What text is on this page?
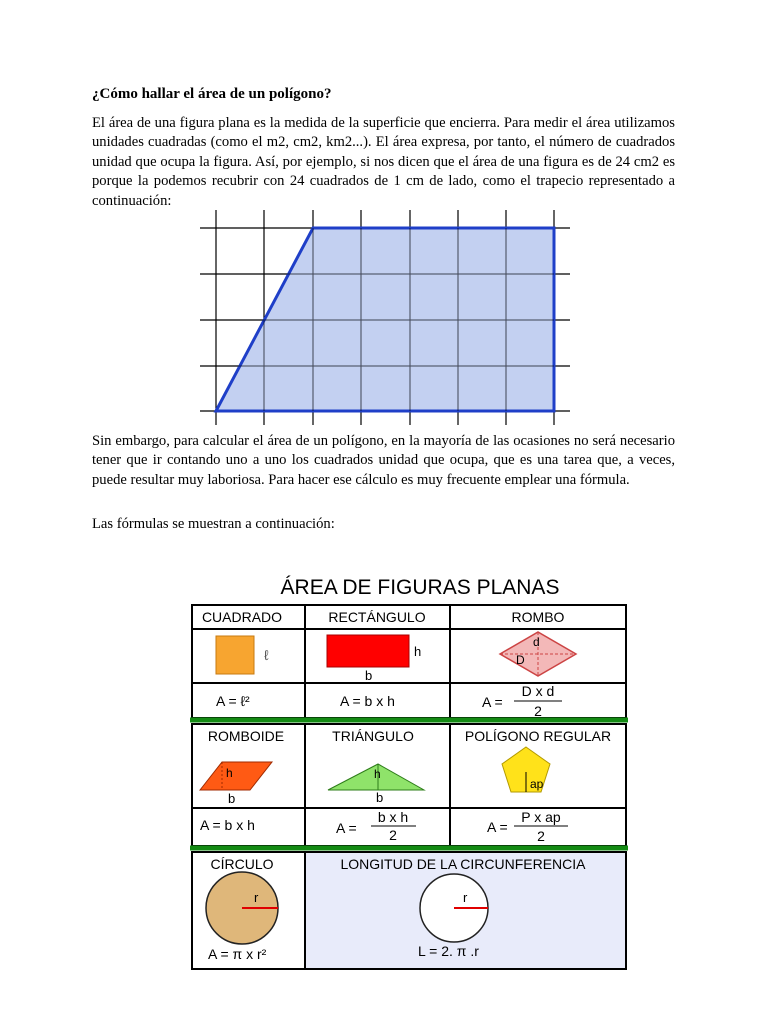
¿Cómo hallar el área de un polígono?

El área de una figura plana es la medida de la superficie que encierra. Para medir el área utilizamos unidades cuadradas (como el m2, cm2, km2...). El área expresa, por tanto, el número de cuadrados unidad que ocupa la figura. Así, por ejemplo, si nos dicen que el área de una figura es de 24 cm2 es porque la podemos recubrir con 24 cuadrados de 1 cm de lado, como el trapecio representado a continuación:

Sin embargo, para calcular el área de un polígono, en la mayoría de las ocasiones no será necesario tener que ir contando uno a uno los cuadrados unidad que ocupa, que es una tarea que, a veces, puede resultar muy laboriosa. Para hacer ese cálculo es muy frecuente emplear una fórmula.

Las fórmulas se muestran a continuación:

ÁREA DE FIGURAS PLANAS
CUADRADO
ℓ
A = ℓ²
RECTÁNGULO
h
b
A = b x h
ROMBO
d
D
A =
D x d
2
ROMBOIDE
h
b
A = b x h
TRIÁNGULO
h
b
A =
b x h
2
POLÍGONO REGULAR
ap
A =
P x ap
2
CÍRCULO
r
A = π x r²
LONGITUD DE LA CIRCUNFERENCIA
r
L = 2. π .r
